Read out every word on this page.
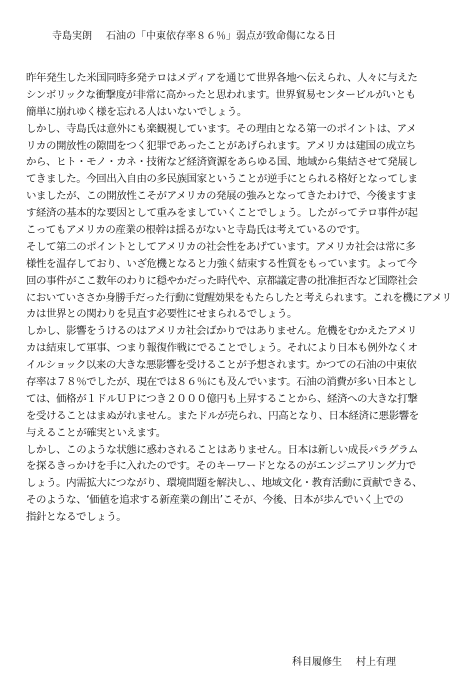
寺島実朗 石油の「中東依存率８６％」弱点が致命傷になる日
昨年発生した米国同時多発テロはメディアを通じて世界各地へ伝えられ、人々に与えた
シンボリックな衝撃度が非常に高かったと思われます。世界貿易センタービルがいとも
簡単に崩れゆく様を忘れる人はいないでしょう。
しかし、寺島氏は意外にも楽観視しています。その理由となる第一のポイントは、アメ
リカの開放性の隙間をつく犯罪であったことがあげられます。アメリカは建国の成立ち
から、ヒト・モノ・カネ・技術など経済資源をあらゆる国、地域から集結させて発展し
てきました。今回出入自由の多民族国家ということが逆手にとられる格好となってしま
いましたが、この開放性こそがアメリカの発展の強みとなってきたわけで、今後ますま
す経済の基本的な要因として重みをましていくことでしょう。したがってテロ事件が起
こってもアメリカの産業の根幹は揺るがないと寺島氏は考えているのです。
そして第二のポイントとしてアメリカの社会性をあげています。アメリカ社会は常に多
様性を温存しており、いざ危機となると力強く結束する性質をもっています。よって今
回の事件がここ数年のわりに穏やかだった時代や、京都議定書の批准拒否など国際社会
においていささか身勝手だった行動に覚醒効果をもたらしたと考えられます。これを機にアメリ
カは世界との関わりを見直す必要性にせまられるでしょう。
しかし、影響をうけるのはアメリカ社会ばかりではありません。危機をむかえたアメリ
カは結束して軍事、つまり報復作戦にでることでしょう。それにより日本も例外なくオ
イルショック以来の大きな悪影響を受けることが予想されます。かつての石油の中東依
存率は７８％でしたが、現在では８６％にも及んでいます。石油の消費が多い日本とし
ては、価格が１ドルＵＰにつき２０００億円も上昇することから、経済への大きな打撃
を受けることはまぬがれません。またドルが売られ、円高となり、日本経済に悪影響を
与えることが確実といえます。
しかし、このような状態に惑わされることはありません。日本は新しい成長パラグラム
を探るきっかけを手に入れたのです。そのキーワードとなるのがエンジニアリング力で
しょう。内需拡大につながり、環境問題を解決し、、地域文化・教育活動に貢献できる、
そのような、‘価値を追求する新産業の創出’こそが、今後、日本が歩んでいく上での
指針となるでしょう。
科目履修生 村上有理
